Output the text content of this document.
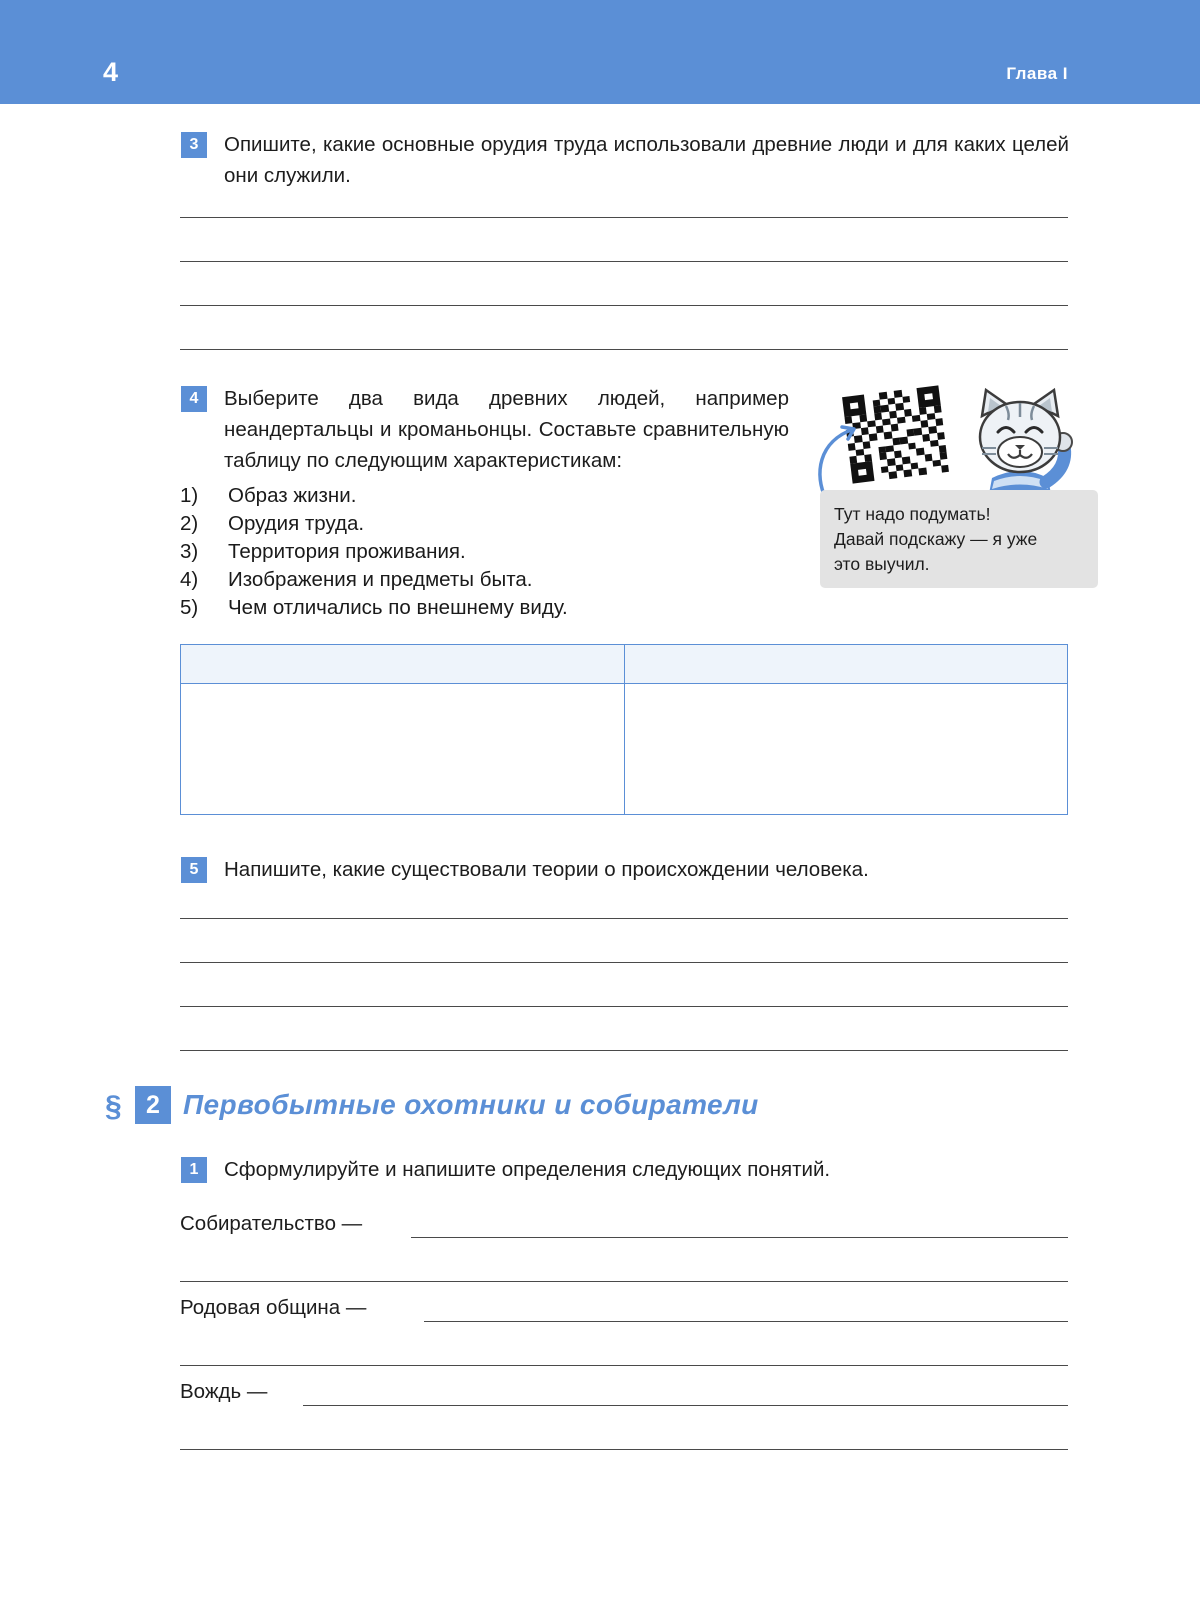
4	Глава I
3	Опишите, какие основные орудия труда использовали древние люди и для каких целей они служили.
4	Выберите два вида древних людей, например неандертальцы и кроманьонцы. Составьте сравнительную таблицу по следующим характеристикам:
1) Образ жизни.
2) Орудия труда.
3) Территория проживания.
4) Изображения и предметы быта.
5) Чем отличались по внешнему виду.
Тут надо подумать!
Давай подскажу — я уже
это выучил.

5	Напишите, какие существовали теории о происхождении человека.
§ 2 Первобытные охотники и собиратели
1	Сформулируйте и напишите определения следующих понятий.
Собирательство —
Родовая община —
Вождь —
